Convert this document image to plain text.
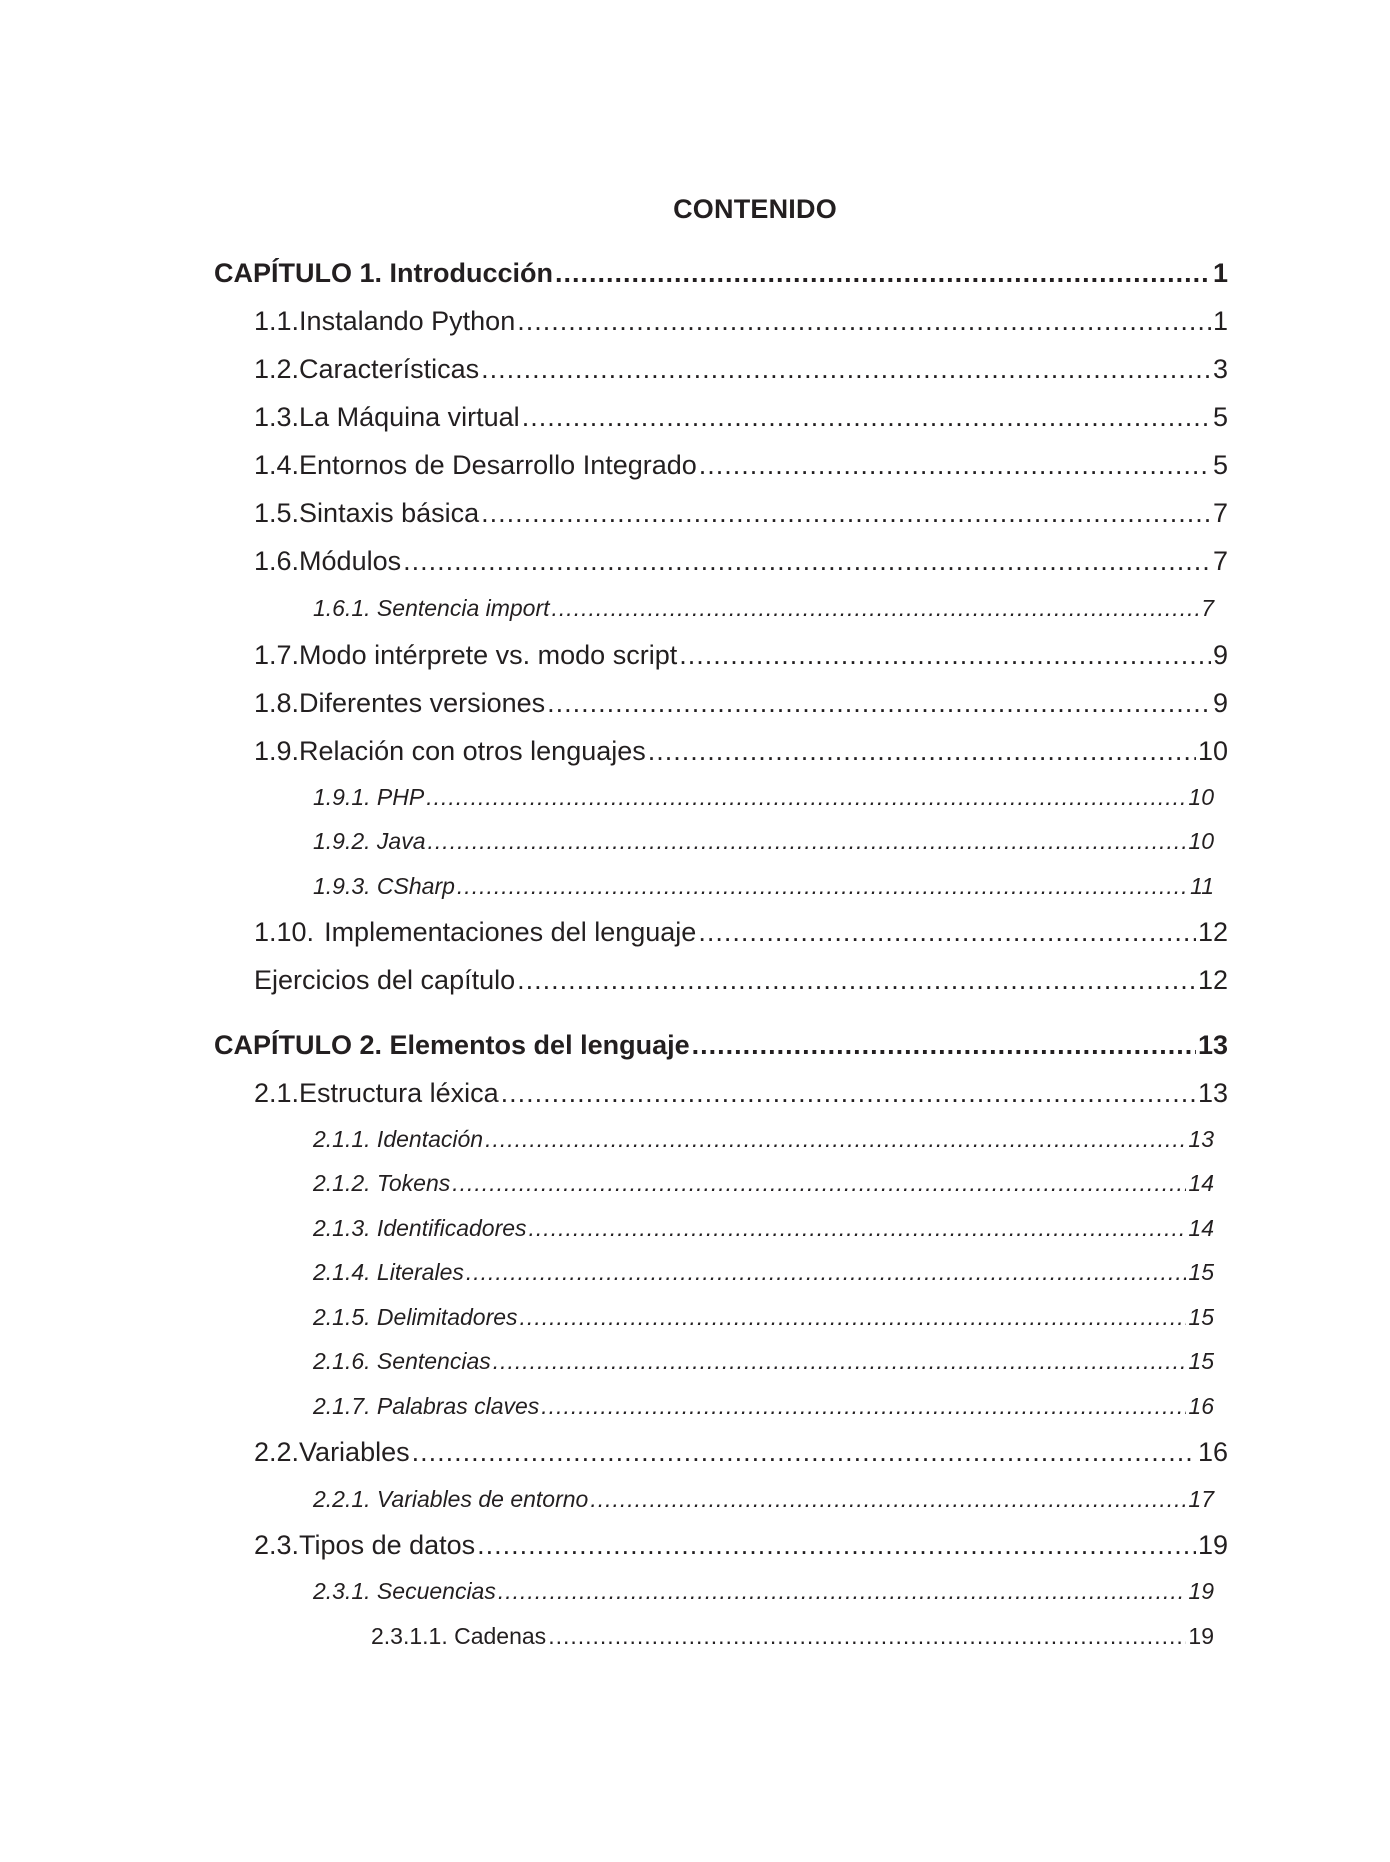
CONTENIDO
CAPÍTULO 1. Introducción .....	1
1.1. Instalando Python .....	1
1.2. Características .....	3
1.3. La Máquina virtual .....	5
1.4. Entornos de Desarrollo Integrado .....	5
1.5. Sintaxis básica .....	7
1.6. Módulos .....	7
1.6.1. Sentencia import .....	7
1.7. Modo intérprete vs. modo script .....	9
1.8. Diferentes versiones .....	9
1.9. Relación con otros lenguajes .....	10
1.9.1. PHP .....	10
1.9.2. Java .....	10
1.9.3. CSharp .....	11
1.10. Implementaciones del lenguaje .....	12
Ejercicios del capítulo .....	12
CAPÍTULO 2. Elementos del lenguaje .....	13
2.1. Estructura léxica .....	13
2.1.1. Identación .....	13
2.1.2. Tokens .....	14
2.1.3. Identificadores .....	14
2.1.4. Literales .....	15
2.1.5. Delimitadores .....	15
2.1.6. Sentencias .....	15
2.1.7. Palabras claves .....	16
2.2. Variables .....	16
2.2.1. Variables de entorno .....	17
2.3. Tipos de datos .....	19
2.3.1. Secuencias .....	19
2.3.1.1. Cadenas .....	19
